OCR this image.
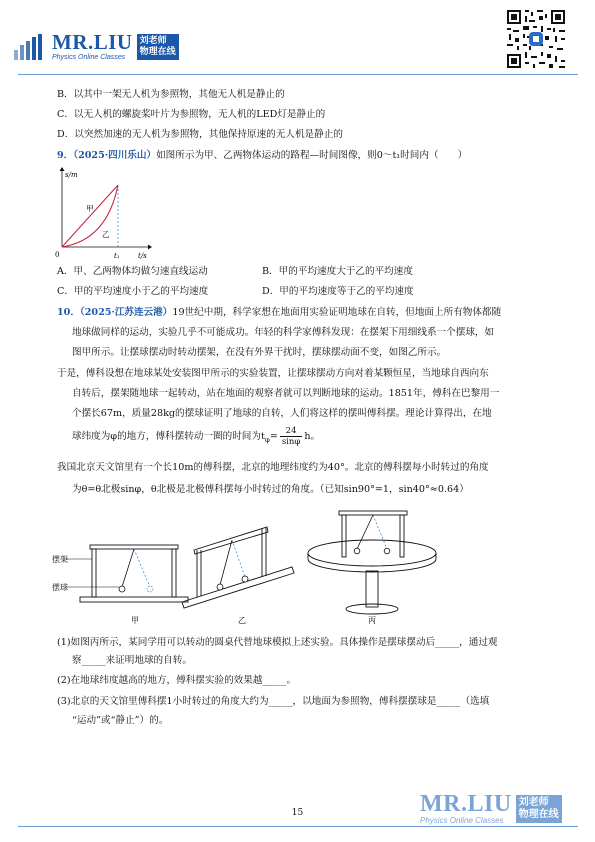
MR.LIU
Physics Online Classes
刘老师
物理在线
B．以其中一架无人机为参照物，其他无人机是静止的
C．以无人机的螺旋桨叶片为参照物，无人机的LED灯是静止的
D．以突然加速的无人机为参照物，其他保持原速的无人机是静止的
9．（2025·四川乐山）如图所示为甲、乙两物体运动的路程—时间图像，则0～t₁时间内（　　）
s/m
t/s
0	t₁
甲
乙
A．甲、乙两物体均做匀速直线运动	B．甲的平均速度大于乙的平均速度
C．甲的平均速度小于乙的平均速度	D．甲的平均速度等于乙的平均速度
10．（2025·江苏连云港）19世纪中期，科学家想在地面用实验证明地球在自转，但地面上所有物体都随
地球做同样的运动，实验几乎不可能成功。年轻的科学家傅科发现：在摆架下用细线系一个摆球，如
图甲所示。让摆球摆动时转动摆架，在没有外界干扰时，摆球摆动面不变，如图乙所示。
于是，傅科设想在地球某处安装图甲所示的实验装置，让摆球摆动方向对着某颗恒星，当地球自西向东
自转后，摆架随地球一起转动，站在地面的观察者就可以判断地球的运动。1851年，傅科在巴黎用一
个摆长67m，质量28kg的摆球证明了地球的自转，人们将这样的摆叫傅科摆。理论计算得出，在地
球纬度为φ的地方，傅科摆转动一圈的时间为$t_\varphi= \frac{24}{\sin\varphi}$ h。
我国北京天文馆里有一个长10m的傅科摆，北京的地理纬度约为40°。北京的傅科摆每小时转过的角度
为θ=θ北极sinφ，θ北极是北极傅科摆每小时转过的角度。（已知sin90°=1，sin40°≈0.64）
摆架
摆球
甲	乙	丙
(1)如图丙所示，某同学用可以转动的圆桌代替地球模拟上述实验。具体操作是摆球摆动后_____，通过观
察_____来证明地球的自转。
(2)在地球纬度越高的地方，傅科摆实验的效果越_____。
(3)北京的天文馆里傅科摆1小时转过的角度大约为_____，以地面为参照物，傅科摆摆球是_____（选填
“运动”或“静止”）的。
MR.LIU
Physics Online Classes
刘老师
物理在线
15
